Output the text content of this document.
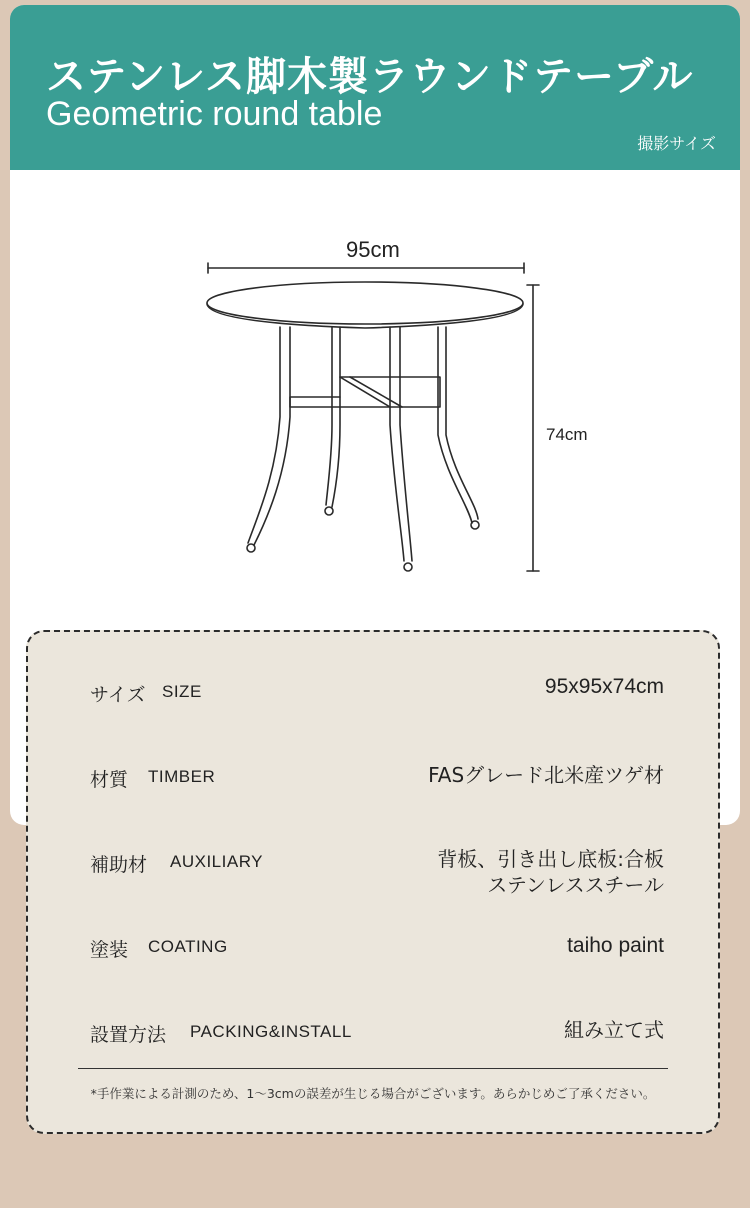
ステンレス脚木製ラウンドテーブル
Geometric round table
撮影サイズ
95cm
74cm
サイズ SIZE	95x95x74cm
材質 TIMBER	FASグレード北米産ツゲ材
補助材 AUXILIARY	背板、引き出し底板:合板
ステンレススチール
塗装 COATING	taiho paint
設置方法 PACKING&INSTALL	組み立て式
*手作業による計測のため、1〜3cmの誤差が生じる場合がございます。あらかじめご了承ください。
